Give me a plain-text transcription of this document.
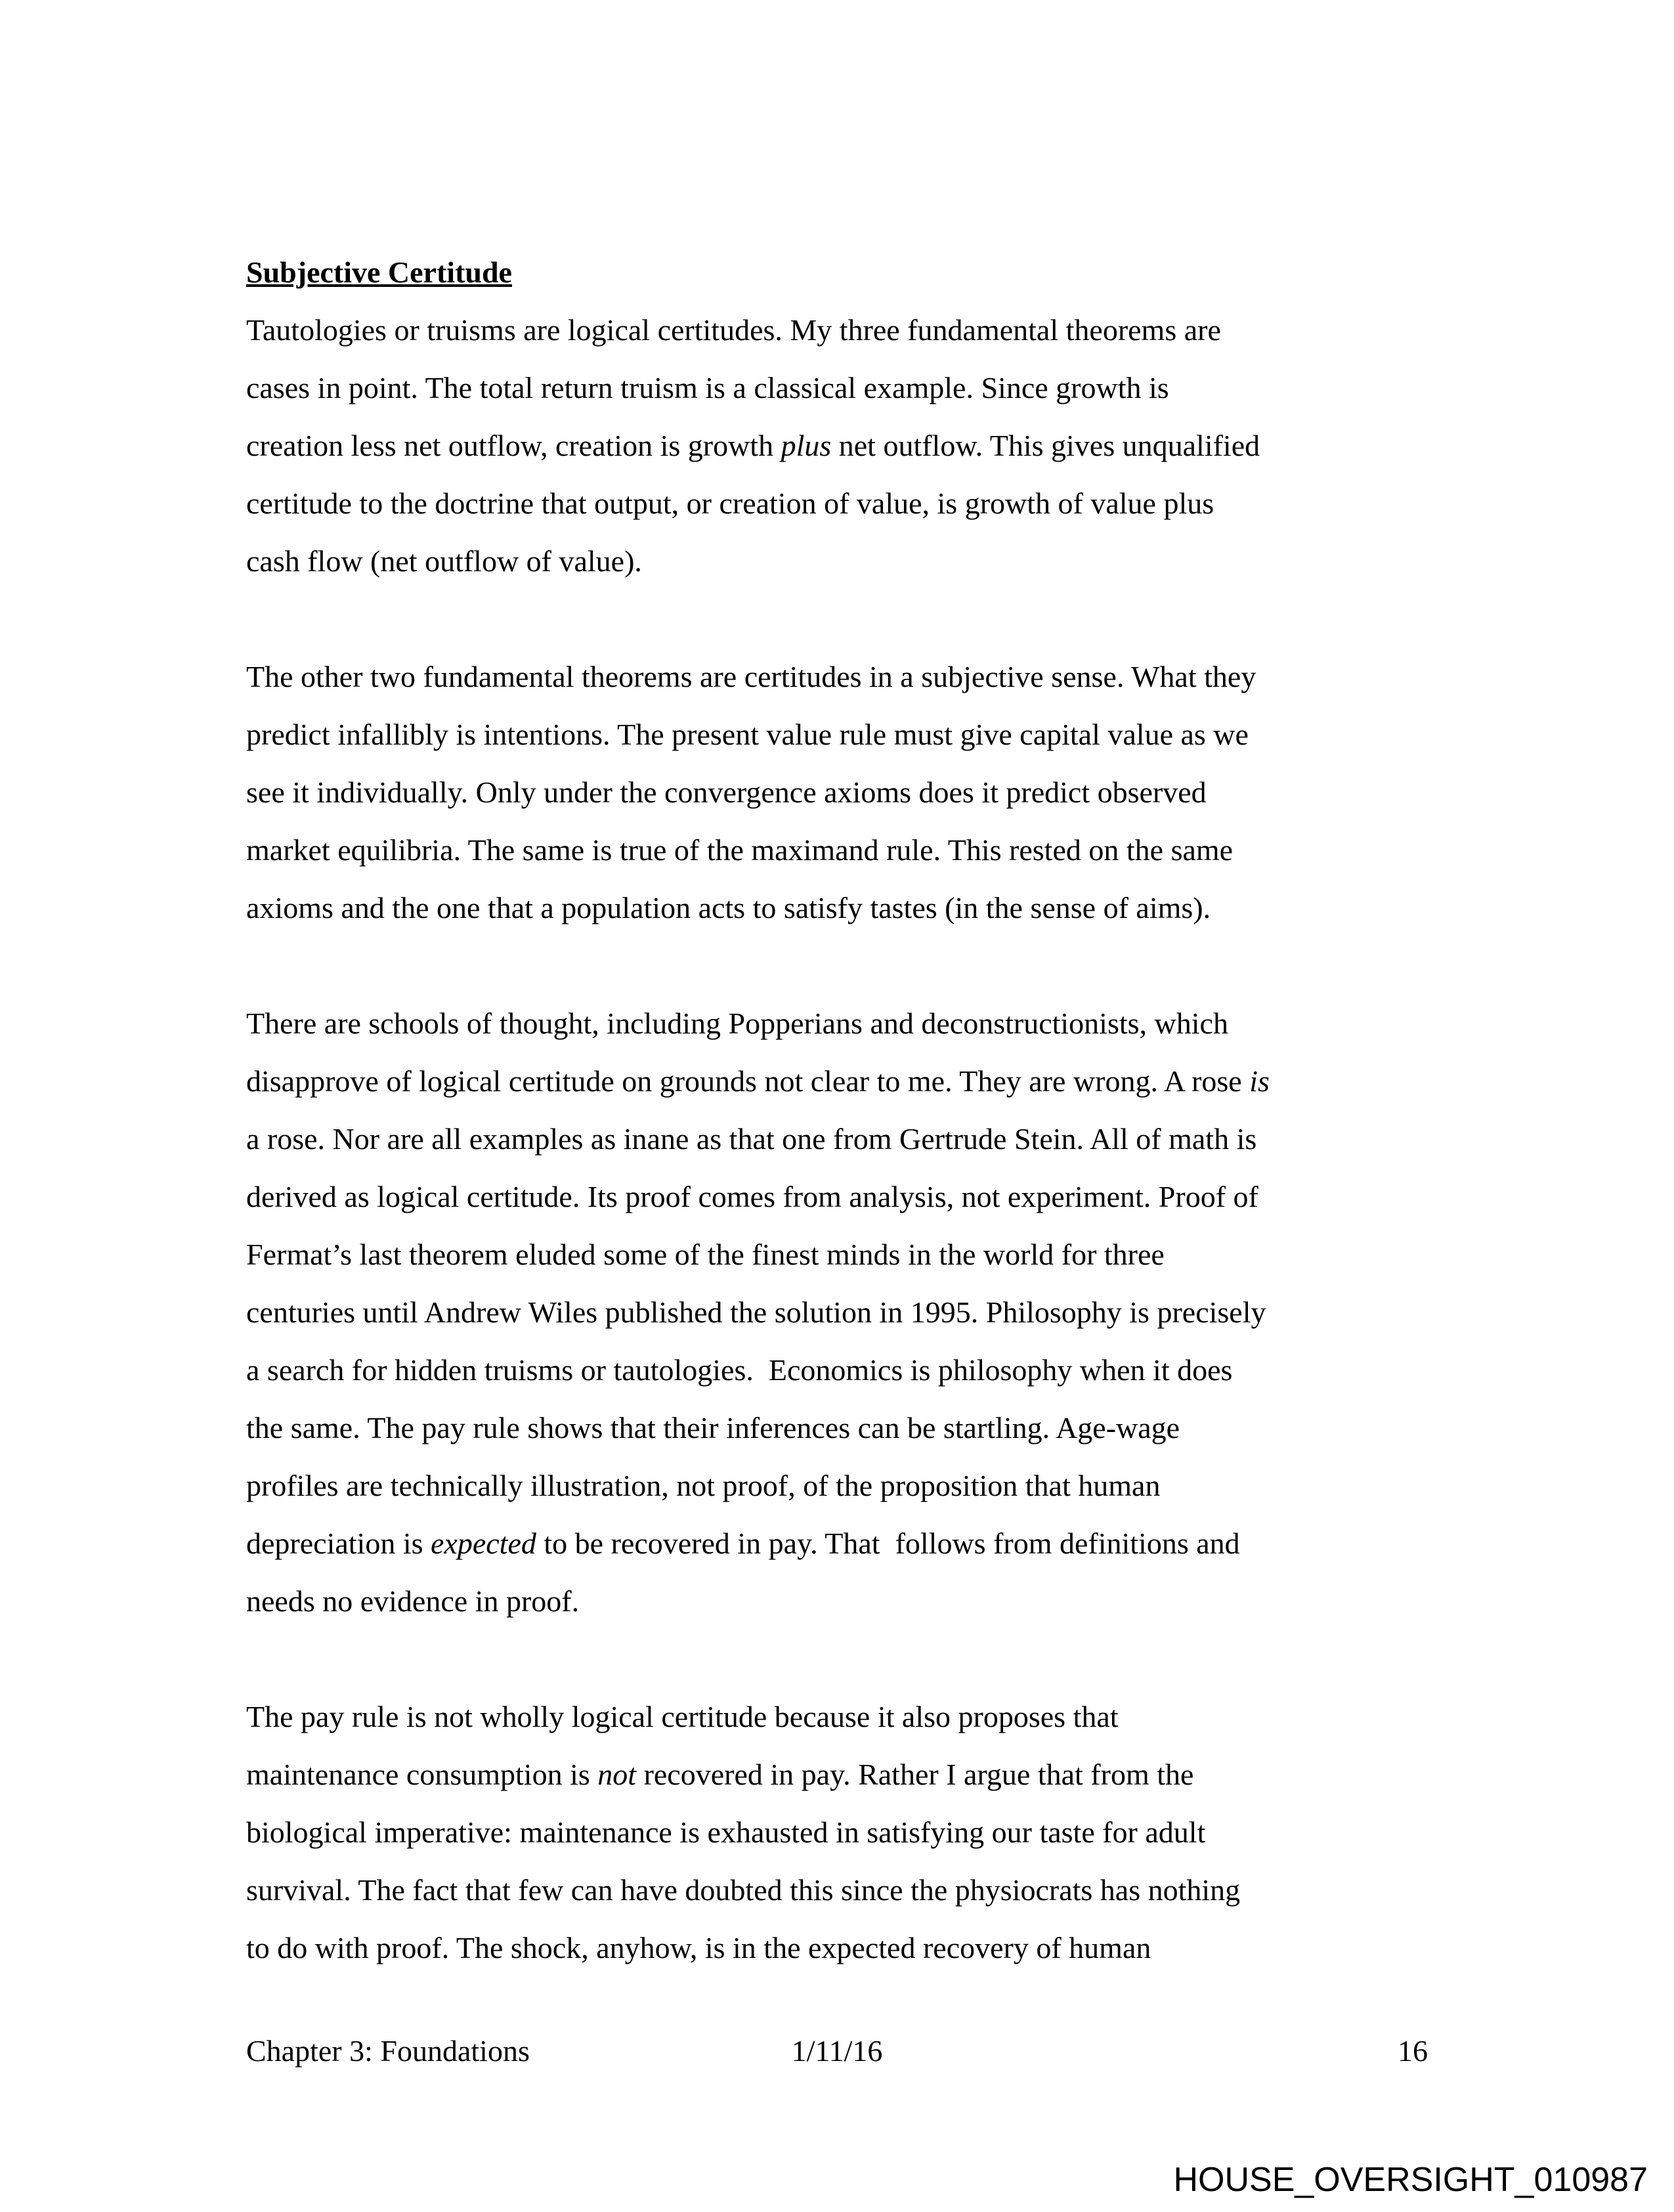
Subjective Certitude
Tautologies or truisms are logical certitudes. My three fundamental theorems are
cases in point. The total return truism is a classical example. Since growth is
creation less net outflow, creation is growth plus net outflow. This gives unqualified
certitude to the doctrine that output, or creation of value, is growth of value plus
cash flow (net outflow of value).
The other two fundamental theorems are certitudes in a subjective sense. What they
predict infallibly is intentions. The present value rule must give capital value as we
see it individually. Only under the convergence axioms does it predict observed
market equilibria. The same is true of the maximand rule. This rested on the same
axioms and the one that a population acts to satisfy tastes (in the sense of aims).
There are schools of thought, including Popperians and deconstructionists, which
disapprove of logical certitude on grounds not clear to me. They are wrong. A rose is
a rose. Nor are all examples as inane as that one from Gertrude Stein. All of math is
derived as logical certitude. Its proof comes from analysis, not experiment. Proof of
Fermat’s last theorem eluded some of the finest minds in the world for three
centuries until Andrew Wiles published the solution in 1995. Philosophy is precisely
a search for hidden truisms or tautologies.  Economics is philosophy when it does
the same. The pay rule shows that their inferences can be startling. Age-wage
profiles are technically illustration, not proof, of the proposition that human
depreciation is expected to be recovered in pay. That  follows from definitions and
needs no evidence in proof.
The pay rule is not wholly logical certitude because it also proposes that
maintenance consumption is not recovered in pay. Rather I argue that from the
biological imperative: maintenance is exhausted in satisfying our taste for adult
survival. The fact that few can have doubted this since the physiocrats has nothing
to do with proof. The shock, anyhow, is in the expected recovery of human
Chapter 3: Foundations	1/11/16	16
HOUSE_OVERSIGHT_010987
